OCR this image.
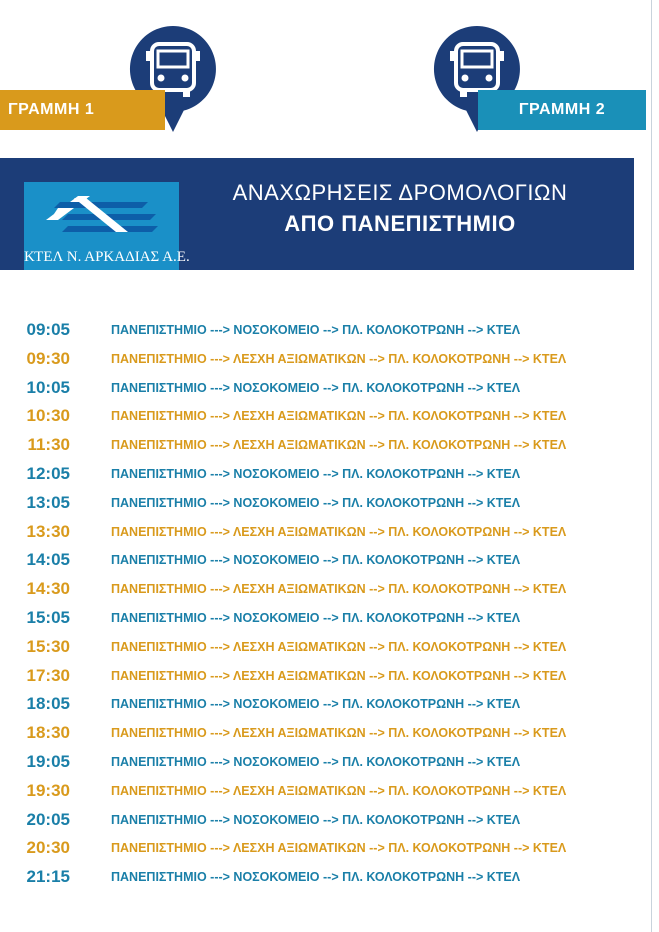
ΓΡΑΜΜΗ 1	ΓΡΑΜΜΗ 2
ΚΤΕΛ Ν. ΑΡΚΑΔΙΑΣ Α.Ε.
ΑΝΑΧΩΡΗΣΕΙΣ ΔΡΟΜΟΛΟΓΙΩΝ
ΑΠΟ ΠΑΝΕΠΙΣΤΗΜΙΟ
09:05	ΠΑΝΕΠΙΣΤΗΜΙΟ ---> ΝΟΣΟΚΟΜΕΙΟ --> ΠΛ. ΚΟΛΟΚΟΤΡΩΝΗ --> ΚΤΕΛ
09:30	ΠΑΝΕΠΙΣΤΗΜΙΟ ---> ΛΕΣΧΗ ΑΞΙΩΜΑΤΙΚΩΝ --> ΠΛ. ΚΟΛΟΚΟΤΡΩΝΗ --> ΚΤΕΛ
10:05	ΠΑΝΕΠΙΣΤΗΜΙΟ ---> ΝΟΣΟΚΟΜΕΙΟ --> ΠΛ. ΚΟΛΟΚΟΤΡΩΝΗ --> ΚΤΕΛ
10:30	ΠΑΝΕΠΙΣΤΗΜΙΟ ---> ΛΕΣΧΗ ΑΞΙΩΜΑΤΙΚΩΝ --> ΠΛ. ΚΟΛΟΚΟΤΡΩΝΗ --> ΚΤΕΛ
11:30	ΠΑΝΕΠΙΣΤΗΜΙΟ ---> ΛΕΣΧΗ ΑΞΙΩΜΑΤΙΚΩΝ --> ΠΛ. ΚΟΛΟΚΟΤΡΩΝΗ --> ΚΤΕΛ
12:05	ΠΑΝΕΠΙΣΤΗΜΙΟ ---> ΝΟΣΟΚΟΜΕΙΟ --> ΠΛ. ΚΟΛΟΚΟΤΡΩΝΗ --> ΚΤΕΛ
13:05	ΠΑΝΕΠΙΣΤΗΜΙΟ ---> ΝΟΣΟΚΟΜΕΙΟ --> ΠΛ. ΚΟΛΟΚΟΤΡΩΝΗ --> ΚΤΕΛ
13:30	ΠΑΝΕΠΙΣΤΗΜΙΟ ---> ΛΕΣΧΗ ΑΞΙΩΜΑΤΙΚΩΝ --> ΠΛ. ΚΟΛΟΚΟΤΡΩΝΗ --> ΚΤΕΛ
14:05	ΠΑΝΕΠΙΣΤΗΜΙΟ ---> ΝΟΣΟΚΟΜΕΙΟ --> ΠΛ. ΚΟΛΟΚΟΤΡΩΝΗ --> ΚΤΕΛ
14:30	ΠΑΝΕΠΙΣΤΗΜΙΟ ---> ΛΕΣΧΗ ΑΞΙΩΜΑΤΙΚΩΝ --> ΠΛ. ΚΟΛΟΚΟΤΡΩΝΗ --> ΚΤΕΛ
15:05	ΠΑΝΕΠΙΣΤΗΜΙΟ ---> ΝΟΣΟΚΟΜΕΙΟ --> ΠΛ. ΚΟΛΟΚΟΤΡΩΝΗ --> ΚΤΕΛ
15:30	ΠΑΝΕΠΙΣΤΗΜΙΟ ---> ΛΕΣΧΗ ΑΞΙΩΜΑΤΙΚΩΝ --> ΠΛ. ΚΟΛΟΚΟΤΡΩΝΗ --> ΚΤΕΛ
17:30	ΠΑΝΕΠΙΣΤΗΜΙΟ ---> ΛΕΣΧΗ ΑΞΙΩΜΑΤΙΚΩΝ --> ΠΛ. ΚΟΛΟΚΟΤΡΩΝΗ --> ΚΤΕΛ
18:05	ΠΑΝΕΠΙΣΤΗΜΙΟ ---> ΝΟΣΟΚΟΜΕΙΟ --> ΠΛ. ΚΟΛΟΚΟΤΡΩΝΗ --> ΚΤΕΛ
18:30	ΠΑΝΕΠΙΣΤΗΜΙΟ ---> ΛΕΣΧΗ ΑΞΙΩΜΑΤΙΚΩΝ --> ΠΛ. ΚΟΛΟΚΟΤΡΩΝΗ --> ΚΤΕΛ
19:05	ΠΑΝΕΠΙΣΤΗΜΙΟ ---> ΝΟΣΟΚΟΜΕΙΟ --> ΠΛ. ΚΟΛΟΚΟΤΡΩΝΗ --> ΚΤΕΛ
19:30	ΠΑΝΕΠΙΣΤΗΜΙΟ ---> ΛΕΣΧΗ ΑΞΙΩΜΑΤΙΚΩΝ --> ΠΛ. ΚΟΛΟΚΟΤΡΩΝΗ --> ΚΤΕΛ
20:05	ΠΑΝΕΠΙΣΤΗΜΙΟ ---> ΝΟΣΟΚΟΜΕΙΟ --> ΠΛ. ΚΟΛΟΚΟΤΡΩΝΗ --> ΚΤΕΛ
20:30	ΠΑΝΕΠΙΣΤΗΜΙΟ ---> ΛΕΣΧΗ ΑΞΙΩΜΑΤΙΚΩΝ --> ΠΛ. ΚΟΛΟΚΟΤΡΩΝΗ --> ΚΤΕΛ
21:15	ΠΑΝΕΠΙΣΤΗΜΙΟ ---> ΝΟΣΟΚΟΜΕΙΟ --> ΠΛ. ΚΟΛΟΚΟΤΡΩΝΗ --> ΚΤΕΛ
